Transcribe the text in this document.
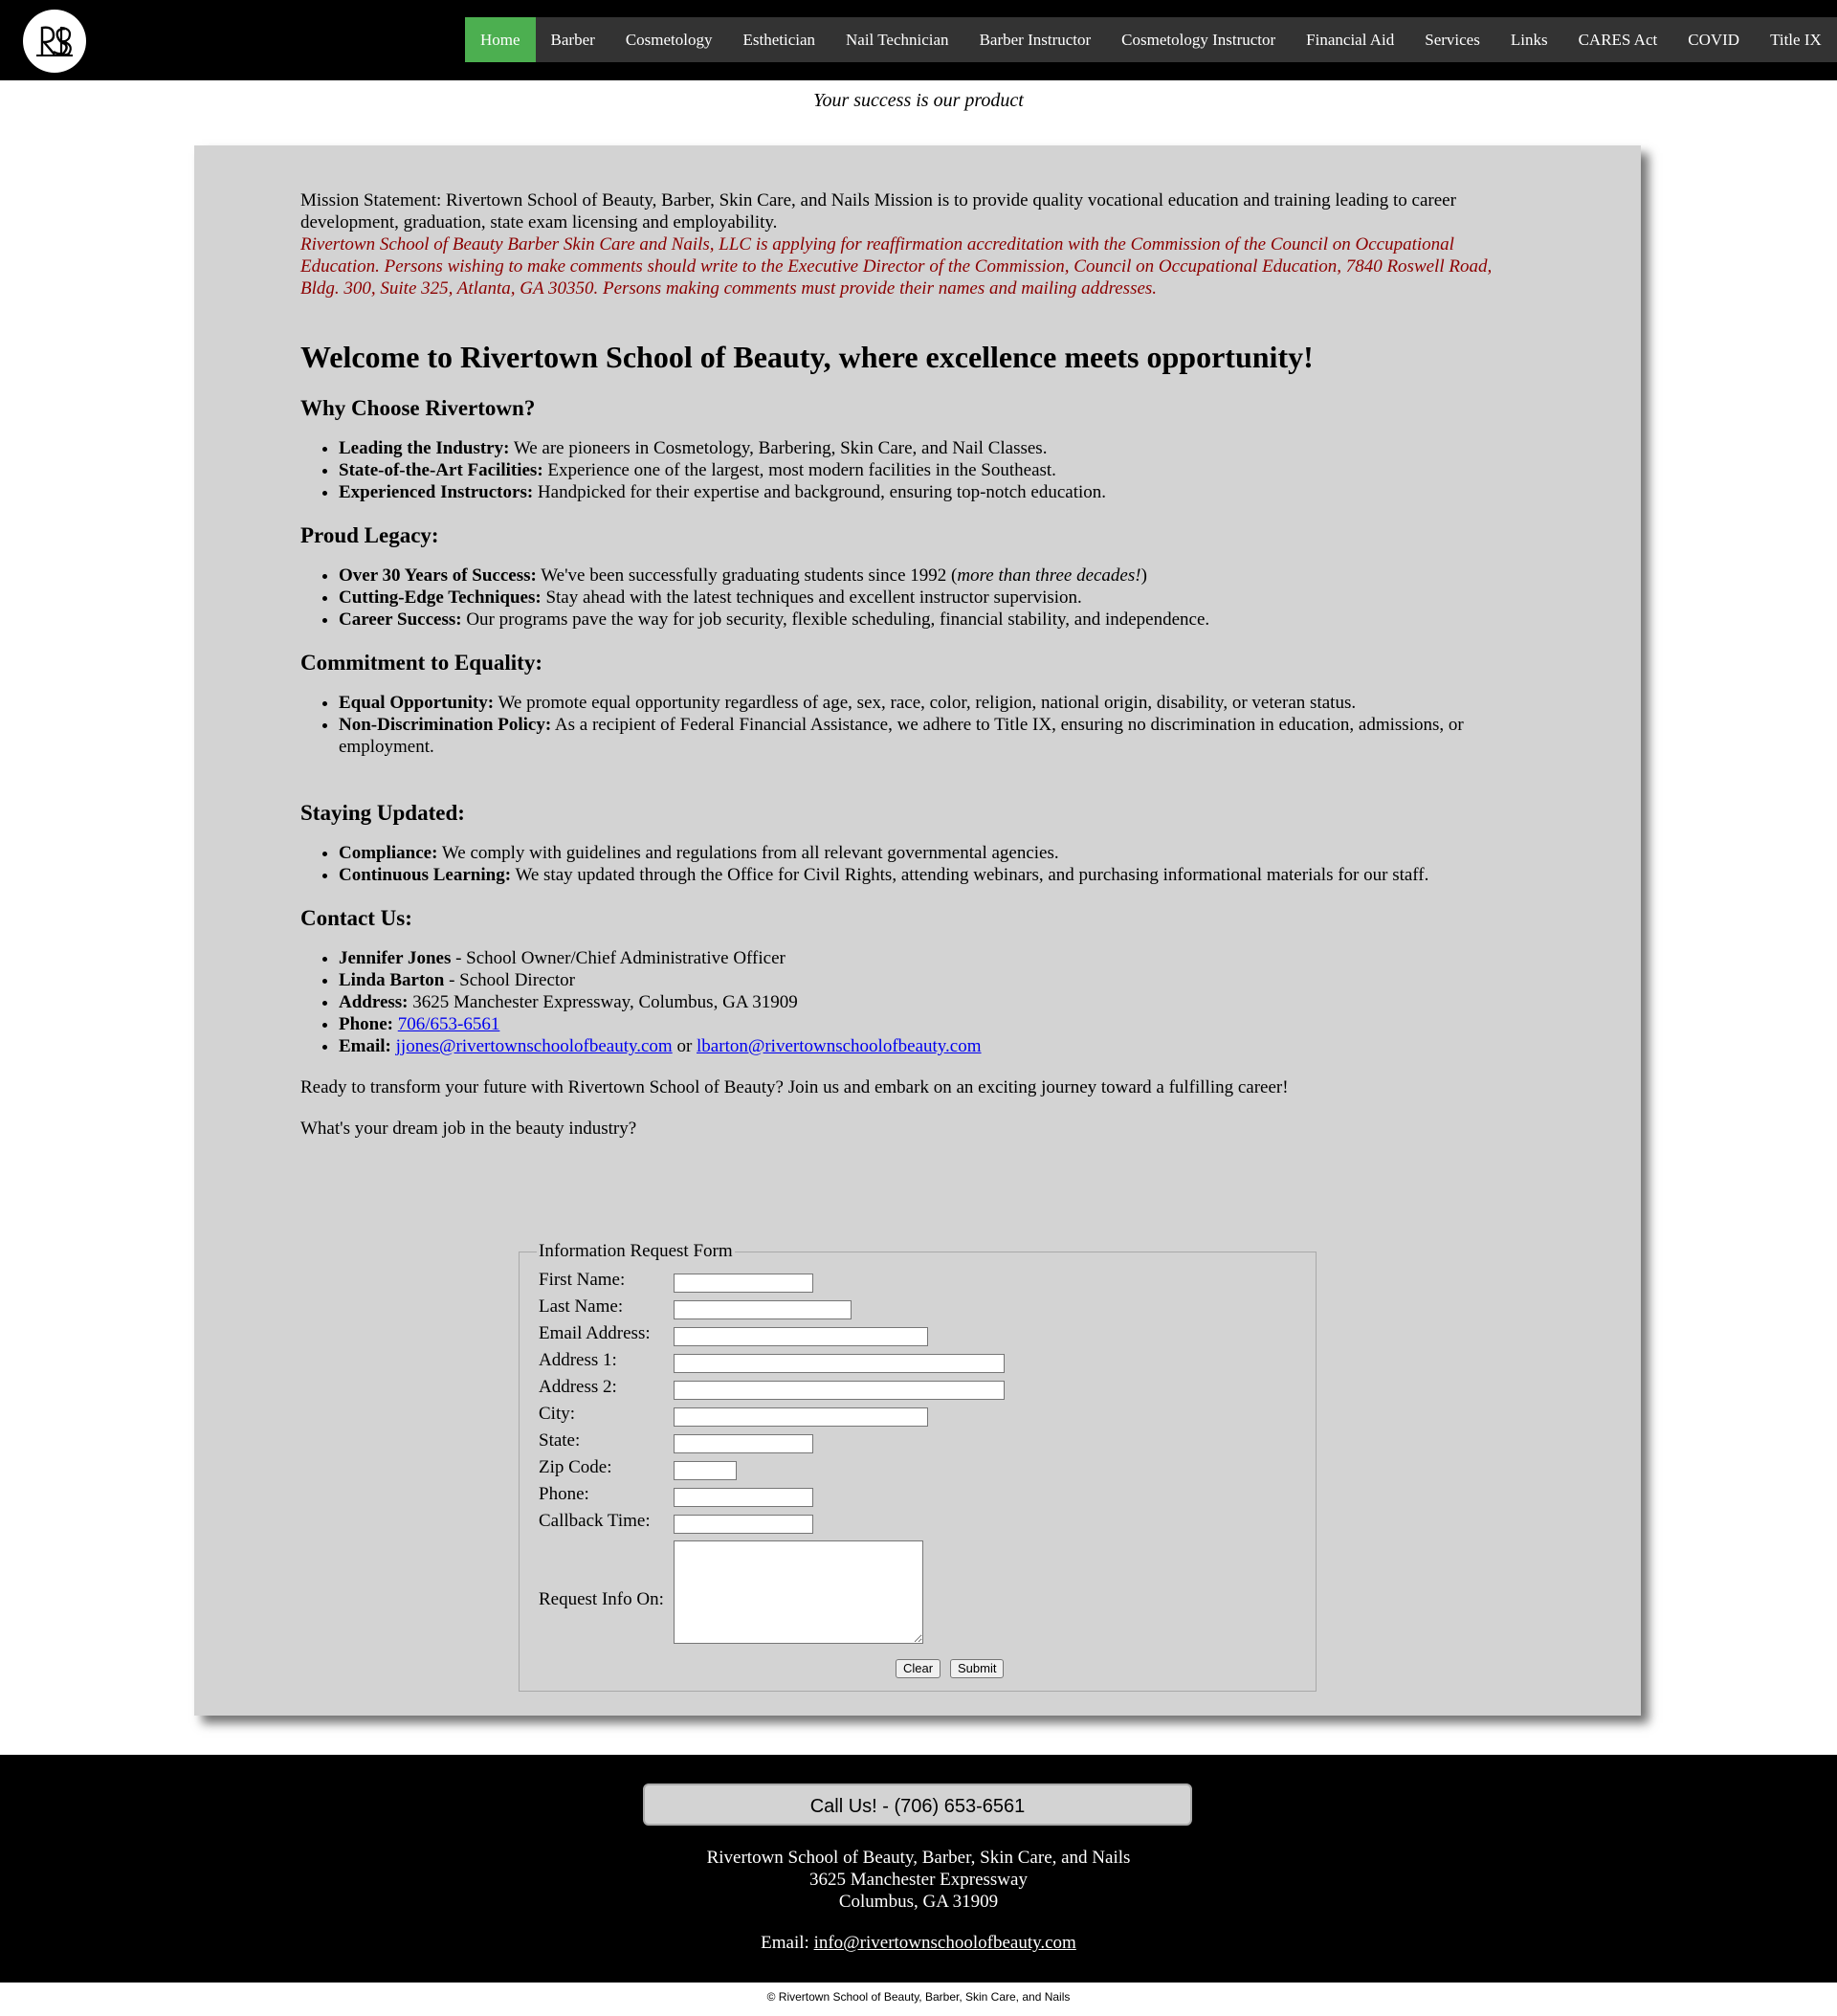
Home	Barber	Cosmetology	Esthetician	Nail Technician	Barber Instructor	Cosmetology Instructor	Financial Aid	Services	Links	CARES Act	COVID	Title IX
Your success is our product

Mission Statement: Rivertown School of Beauty, Barber, Skin Care, and Nails Mission is to provide quality vocational education and training leading to career development, graduation, state exam licensing and employability.

Rivertown School of Beauty Barber Skin Care and Nails, LLC is applying for reaffirmation accreditation with the Commission of the Council on Occupational Education. Persons wishing to make comments should write to the Executive Director of the Commission, Council on Occupational Education, 7840 Roswell Road, Bldg. 300, Suite 325, Atlanta, GA 30350. Persons making comments must provide their names and mailing addresses.

Welcome to Rivertown School of Beauty, where excellence meets opportunity!
Why Choose Rivertown?
• Leading the Industry: We are pioneers in Cosmetology, Barbering, Skin Care, and Nail Classes.
• State-of-the-Art Facilities: Experience one of the largest, most modern facilities in the Southeast.
• Experienced Instructors: Handpicked for their expertise and background, ensuring top-notch education.
Proud Legacy:
• Over 30 Years of Success: We've been successfully graduating students since 1992 (more than three decades!)
• Cutting-Edge Techniques: Stay ahead with the latest techniques and excellent instructor supervision.
• Career Success: Our programs pave the way for job security, flexible scheduling, financial stability, and independence.
Commitment to Equality:
• Equal Opportunity: We promote equal opportunity regardless of age, sex, race, color, religion, national origin, disability, or veteran status.
• Non-Discrimination Policy: As a recipient of Federal Financial Assistance, we adhere to Title IX, ensuring no discrimination in education, admissions, or employment.
Staying Updated:
• Compliance: We comply with guidelines and regulations from all relevant governmental agencies.
• Continuous Learning: We stay updated through the Office for Civil Rights, attending webinars, and purchasing informational materials for our staff.
Contact Us:
• Jennifer Jones - School Owner/Chief Administrative Officer
• Linda Barton - School Director
• Address: 3625 Manchester Expressway, Columbus, GA 31909
• Phone: 706/653-6561
• Email: jjones@rivertownschoolofbeauty.com or lbarton@rivertownschoolofbeauty.com

Ready to transform your future with Rivertown School of Beauty? Join us and embark on an exciting journey toward a fulfilling career!

What's your dream job in the beauty industry?

Information Request Form
First Name:
Last Name:
Email Address:
Address 1:
Address 2:
City:
State:
Zip Code:
Phone:
Callback Time:
Request Info On:
Clear	Submit
Call Us! - (706) 653-6561
Rivertown School of Beauty, Barber, Skin Care, and Nails
3625 Manchester Expressway
Columbus, GA 31909
Email: info@rivertownschoolofbeauty.com
© Rivertown School of Beauty, Barber, Skin Care, and Nails
